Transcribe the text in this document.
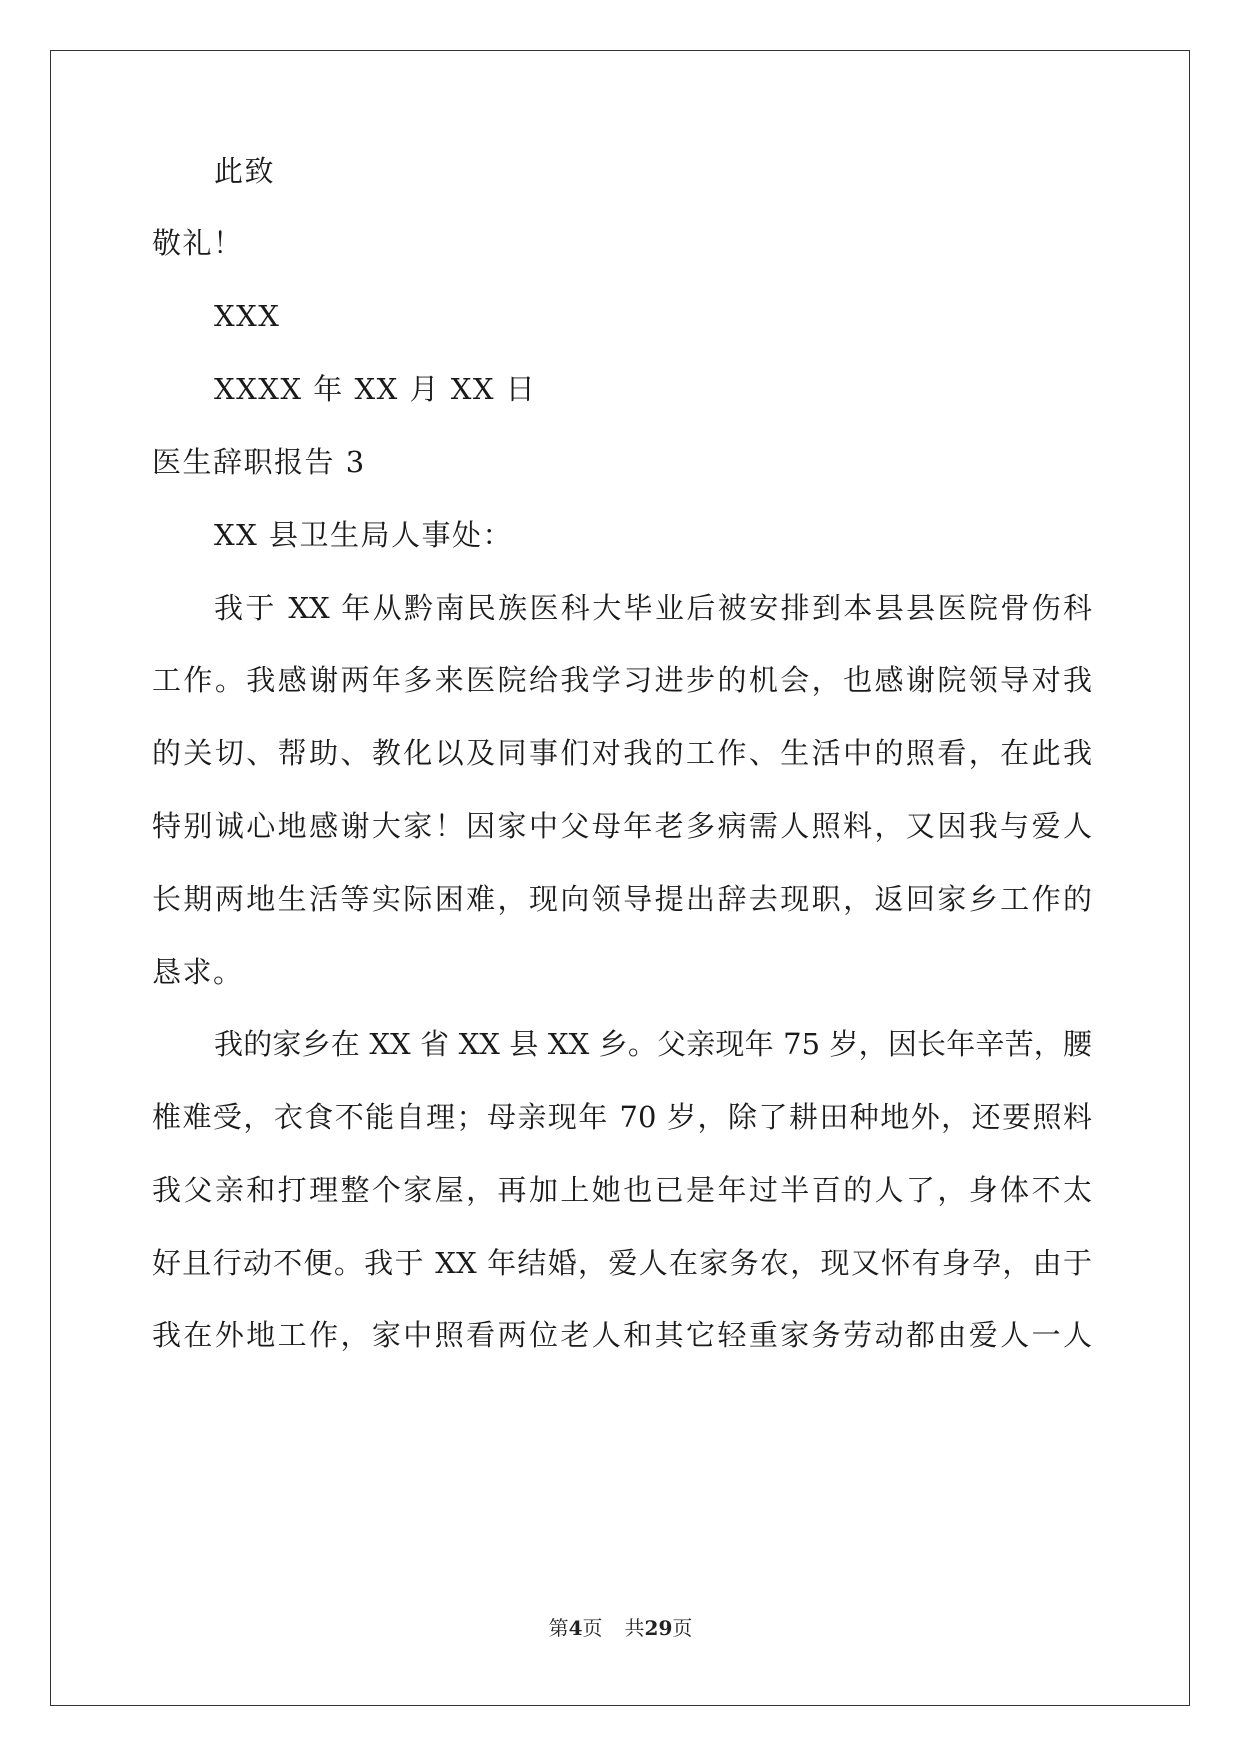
此致
敬礼！
XXX
XXXX 年 XX 月 XX 日
医生辞职报告 3
XX 县卫生局人事处：
我于 XX 年从黔南民族医科大毕业后被安排到本县县医院骨伤科
工作。我感谢两年多来医院给我学习进步的机会，也感谢院领导对我
的关切、帮助、教化以及同事们对我的工作、生活中的照看，在此我
特别诚心地感谢大家！因家中父母年老多病需人照料，又因我与爱人
长期两地生活等实际困难，现向领导提出辞去现职，返回家乡工作的
恳求。
我的家乡在 XX 省 XX 县 XX 乡。父亲现年 75 岁，因长年辛苦，腰
椎难受，衣食不能自理；母亲现年 70 岁，除了耕田种地外，还要照料
我父亲和打理整个家屋，再加上她也已是年过半百的人了，身体不太
好且行动不便。我于 XX 年结婚，爱人在家务农，现又怀有身孕，由于
我在外地工作，家中照看两位老人和其它轻重家务劳动都由爱人一人
第4页 共29页
